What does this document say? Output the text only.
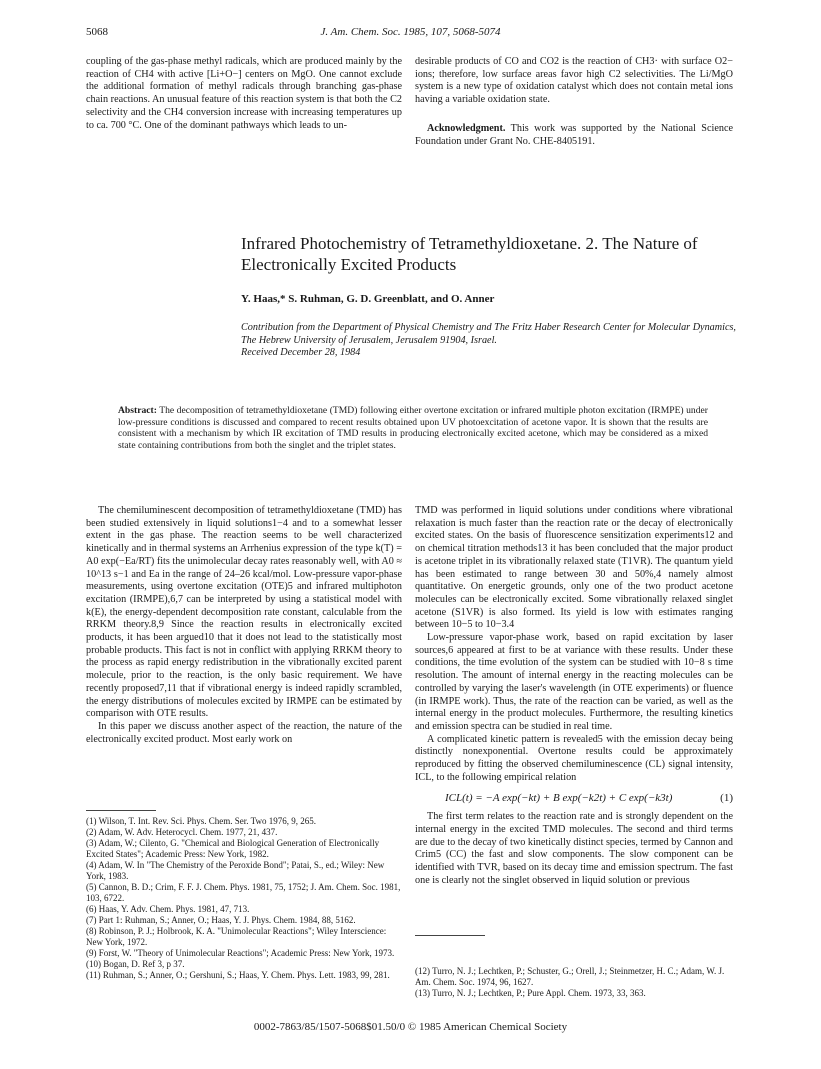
5068	J. Am. Chem. Soc. 1985, 107, 5068-5074

coupling of the gas-phase methyl radicals, which are produced mainly by the reaction of CH4 with active [Li+O−] centers on MgO. One cannot exclude the additional formation of methyl radicals through branching gas-phase chain reactions. An unusual feature of this reaction system is that both the C2 selectivity and the CH4 conversion increase with increasing temperatures up to ca. 700 °C. One of the dominant pathways which leads to un-

desirable products of CO and CO2 is the reaction of CH3· with surface O2− ions; therefore, low surface areas favor high C2 selectivities. The Li/MgO system is a new type of oxidation catalyst which does not contain metal ions having a variable oxidation state.

Acknowledgment. This work was supported by the National Science Foundation under Grant No. CHE-8405191.

Infrared Photochemistry of Tetramethyldioxetane. 2. The Nature of Electronically Excited Products
Y. Haas,* S. Ruhman, G. D. Greenblatt, and O. Anner
Contribution from the Department of Physical Chemistry and The Fritz Haber Research Center for Molecular Dynamics, The Hebrew University of Jerusalem, Jerusalem 91904, Israel.
Received December 28, 1984
Abstract: The decomposition of tetramethyldioxetane (TMD) following either overtone excitation or infrared multiple photon excitation (IRMPE) under low-pressure conditions is discussed and compared to recent results obtained upon UV photoexcitation of acetone vapor. It is shown that the results are consistent with a mechanism by which IR excitation of TMD results in producing electronically excited acetone, which may be considered as a mixed state containing contributions from both the singlet and the triplet states.

The chemiluminescent decomposition of tetramethyldioxetane (TMD) has been studied extensively in liquid solutions1−4 and to a somewhat lesser extent in the gas phase. The reaction seems to be well characterized kinetically and in thermal systems an Arrhenius expression of the type k(T) = A0 exp(−Ea/RT) fits the unimolecular decay rates reasonably well, with A0 ≈ 10^13 s−1 and Ea in the range of 24–26 kcal/mol. Low-pressure vapor-phase measurements, using overtone excitation (OTE)5 and infrared multiphoton excitation (IRMPE),6,7 can be interpreted by using a statistical model with k(E), the energy-dependent decomposition rate constant, calculable from the RRKM theory.8,9 Since the reaction results in electronically excited products, it has been argued10 that it does not lead to the statistically most probable products. This fact is not in conflict with applying RRKM theory to the process as rapid energy redistribution in the vibrationally excited parent molecule, prior to the reaction, is the only basic requirement. We have recently proposed7,11 that if vibrational energy is indeed rapidly scrambled, the energy distributions of molecules excited by IRMPE can be estimated by comparison with OTE results.

In this paper we discuss another aspect of the reaction, the nature of the electronically excited product. Most early work on

TMD was performed in liquid solutions under conditions where vibrational relaxation is much faster than the reaction rate or the decay of electronically excited states. On the basis of fluorescence sensitization experiments12 and on chemical titration methods13 it has been concluded that the major product is acetone triplet in its vibrationally relaxed state (T1VR). The quantum yield has been estimated to range between 30 and 50%,4 namely almost quantitative. On energetic grounds, only one of the two product acetone molecules can be electronically excited. Some vibrationally relaxed singlet acetone (S1VR) is also formed. Its yield is low with estimates ranging between 10−5 to 10−3.4

Low-pressure vapor-phase work, based on rapid excitation by laser sources,6 appeared at first to be at variance with these results. Under these conditions, the time evolution of the system can be studied with 10−8 s time resolution. The amount of internal energy in the reacting molecules can be controlled by varying the laser's wavelength (in OTE experiments) or fluence (in IRMPE work). Thus, the rate of the reaction can be varied, as well as the internal energy in the product molecules. Furthermore, the resulting kinetics and emission spectra can be studied in real time.

A complicated kinetic pattern is revealed5 with the emission decay being distinctly nonexponential. Overtone results could be approximately reproduced by fitting the observed chemiluminescence (CL) signal intensity, ICL, to the following empirical relation

ICL(t) = −A exp(−kt) + B exp(−k2t) + C exp(−k3t)	(1)

The first term relates to the reaction rate and is strongly dependent on the internal energy in the excited TMD molecules. The second and third terms are due to the decay of two kinetically distinct species, termed by Cannon and Crim5 (CC) the fast and slow components. The slow component can be identified with TVR, based on its decay time and emission spectrum. The fast one is clearly not the singlet observed in liquid solution or previous

(1) Wilson, T. Int. Rev. Sci. Phys. Chem. Ser. Two 1976, 9, 265.
(2) Adam, W. Adv. Heterocycl. Chem. 1977, 21, 437.
(3) Adam, W.; Cilento, G. "Chemical and Biological Generation of Electronically Excited States"; Academic Press: New York, 1982.
(4) Adam, W. In "The Chemistry of the Peroxide Bond"; Patai, S., ed.; Wiley: New York, 1983.
(5) Cannon, B. D.; Crim, F. F. J. Chem. Phys. 1981, 75, 1752; J. Am. Chem. Soc. 1981, 103, 6722.
(6) Haas, Y. Adv. Chem. Phys. 1981, 47, 713.
(7) Part 1: Ruhman, S.; Anner, O.; Haas, Y. J. Phys. Chem. 1984, 88, 5162.
(8) Robinson, P. J.; Holbrook, K. A. "Unimolecular Reactions"; Wiley Interscience: New York, 1972.
(9) Forst, W. "Theory of Unimolecular Reactions"; Academic Press: New York, 1973.
(10) Bogan, D. Ref 3, p 37.
(11) Ruhman, S.; Anner, O.; Gershuni, S.; Haas, Y. Chem. Phys. Lett. 1983, 99, 281.	(12) Turro, N. J.; Lechtken, P.; Schuster, G.; Orell, J.; Steinmetzer, H. C.; Adam, W. J. Am. Chem. Soc. 1974, 96, 1627.
(13) Turro, N. J.; Lechtken, P.; Pure Appl. Chem. 1973, 33, 363.
0002-7863/85/1507-5068$01.50/0 © 1985 American Chemical Society
